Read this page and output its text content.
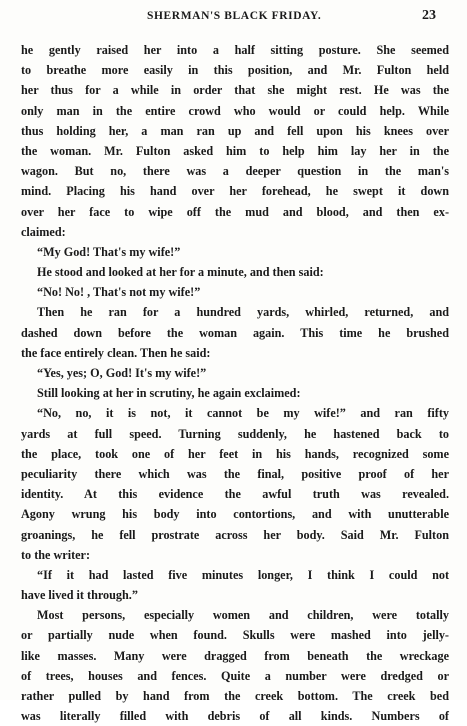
SHERMAN'S BLACK FRIDAY.	23
he gently raised her into a half sitting posture. She seemed
to breathe more easily in this position, and Mr. Fulton held
her thus for a while in order that she might rest. He was the
only man in the entire crowd who would or could help. While
thus holding her, a man ran up and fell upon his knees over
the woman. Mr. Fulton asked him to help him lay her in the
wagon. But no, there was a deeper question in the man's
mind. Placing his hand over her forehead, he swept it down
over her face to wipe off the mud and blood, and then ex-
claimed:
“My God! That's my wife!”
He stood and looked at her for a minute, and then said:
“No! No! , That's not my wife!”
Then he ran for a hundred yards, whirled, returned, and
dashed down before the woman again. This time he brushed
the face entirely clean. Then he said:
“Yes, yes; O, God! It's my wife!”
Still looking at her in scrutiny, he again exclaimed:
“No, no, it is not, it cannot be my wife!” and ran fifty
yards at full speed. Turning suddenly, he hastened back to
the place, took one of her feet in his hands, recognized some
peculiarity there which was the final, positive proof of her
identity. At this evidence the awful truth was revealed.
Agony wrung his body into contortions, and with unutterable
groanings, he fell prostrate across her body. Said Mr. Fulton
to the writer:
“If it had lasted five minutes longer, I think I could not
have lived it through.”
Most persons, especially women and children, were totally
or partially nude when found. Skulls were mashed into jelly-
like masses. Many were dragged from beneath the wreckage
of trees, houses and fences. Quite a number were dredged or
rather pulled by hand from the creek bottom. The creek bed
was literally filled with debris of all kinds. Numbers of
